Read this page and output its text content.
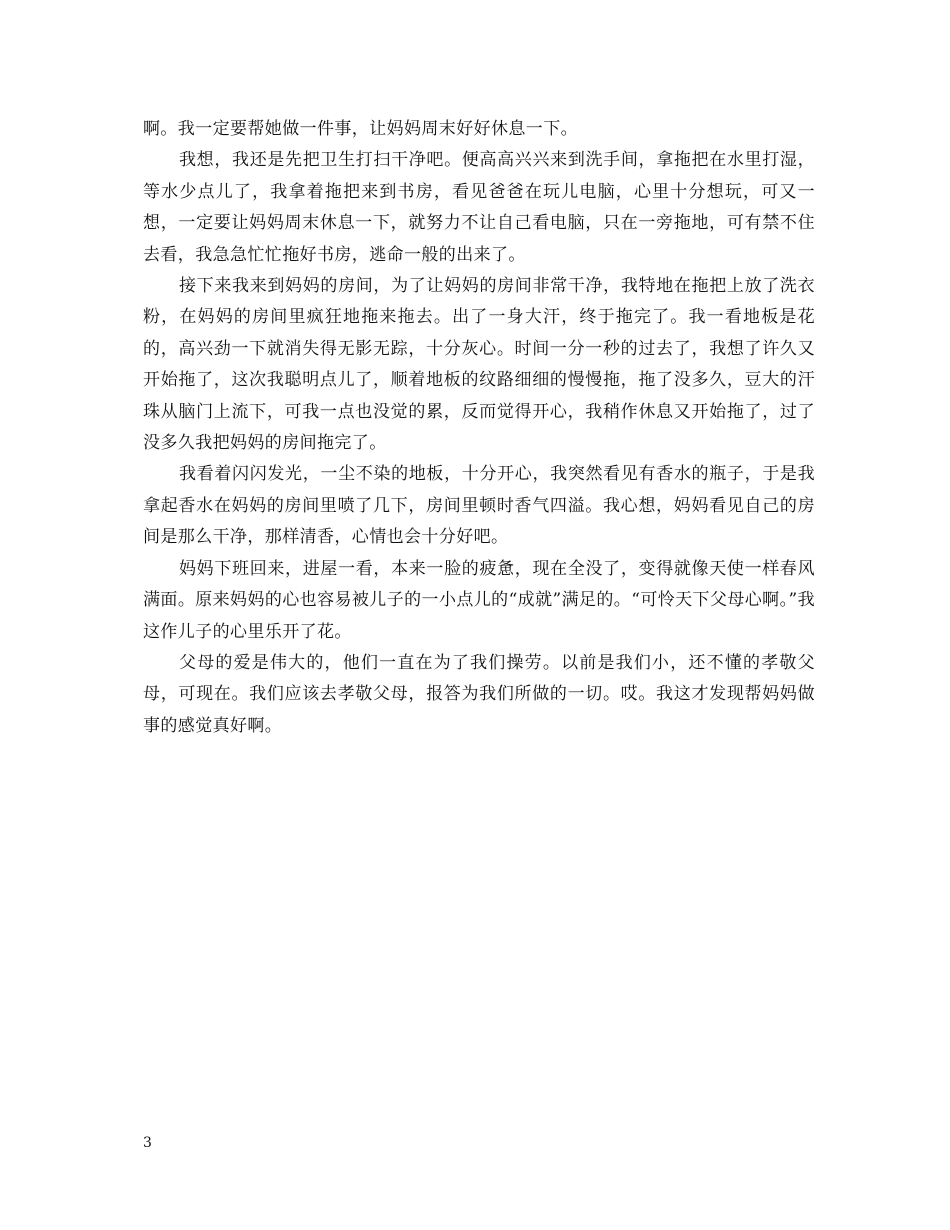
啊。我一定要帮她做一件事，让妈妈周末好好休息一下。

我想，我还是先把卫生打扫干净吧。便高高兴兴来到洗手间，拿拖把在水里打湿，等水少点儿了，我拿着拖把来到书房，看见爸爸在玩儿电脑，心里十分想玩，可又一想，一定要让妈妈周末休息一下，就努力不让自己看电脑，只在一旁拖地，可有禁不住去看，我急急忙忙拖好书房，逃命一般的出来了。

接下来我来到妈妈的房间，为了让妈妈的房间非常干净，我特地在拖把上放了洗衣粉，在妈妈的房间里疯狂地拖来拖去。出了一身大汗，终于拖完了。我一看地板是花的，高兴劲一下就消失得无影无踪，十分灰心。时间一分一秒的过去了，我想了许久又开始拖了，这次我聪明点儿了，顺着地板的纹路细细的慢慢拖，拖了没多久，豆大的汗珠从脑门上流下，可我一点也没觉的累，反而觉得开心，我稍作休息又开始拖了，过了没多久我把妈妈的房间拖完了。

我看着闪闪发光，一尘不染的地板，十分开心，我突然看见有香水的瓶子，于是我拿起香水在妈妈的房间里喷了几下，房间里顿时香气四溢。我心想，妈妈看见自己的房间是那么干净，那样清香，心情也会十分好吧。

妈妈下班回来，进屋一看，本来一脸的疲惫，现在全没了，变得就像天使一样春风满面。原来妈妈的心也容易被儿子的一小点儿的“成就”满足的。“可怜天下父母心啊。”我这作儿子的心里乐开了花。

父母的爱是伟大的，他们一直在为了我们操劳。以前是我们小，还不懂的孝敬父母，可现在。我们应该去孝敬父母，报答为我们所做的一切。哎。我这才发现帮妈妈做事的感觉真好啊。

3
